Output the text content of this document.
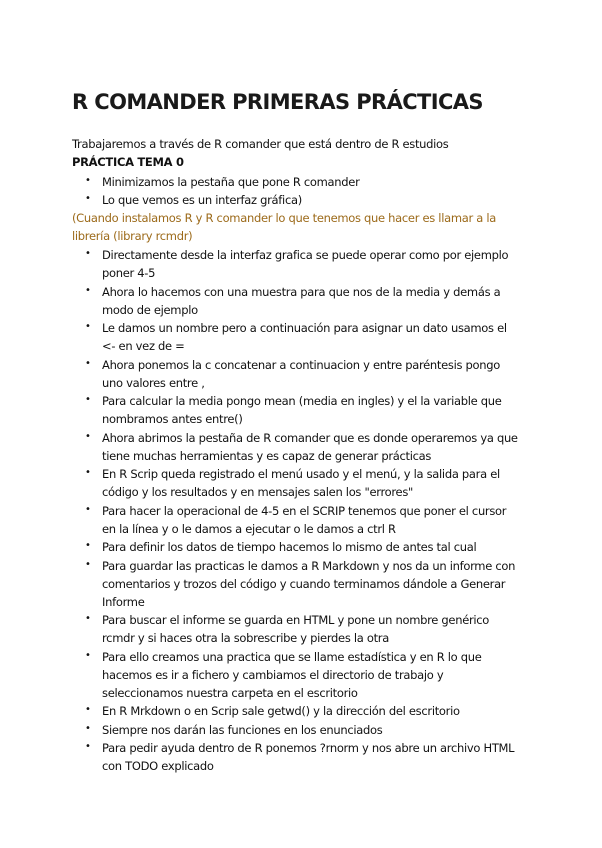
R COMANDER PRIMERAS PRÁCTICAS
Trabajaremos a través de R comander que está dentro de R estudios
PRÁCTICA TEMA 0
• Minimizamos la pestaña que pone R comander
• Lo que vemos es un interfaz gráfica)
(Cuando instalamos R y R comander lo que tenemos que hacer es llamar a la librería (library rcmdr)
• Directamente desde la interfaz grafica se puede operar como por ejemplo poner 4-5
• Ahora lo hacemos con una muestra para que nos de la media y demás a modo de ejemplo
• Le damos un nombre pero a continuación para asignar un dato usamos el <- en vez de =
• Ahora ponemos la c concatenar a continuacion y entre paréntesis pongo uno valores entre ,
• Para calcular la media pongo mean (media en ingles) y el la variable que nombramos antes entre()
• Ahora abrimos la pestaña de R comander que es donde operaremos ya que tiene muchas herramientas y es capaz de generar prácticas
• En R Scrip queda registrado el menú usado y el menú, y la salida para el código y los resultados y en mensajes salen los "errores"
• Para hacer la operacional de 4-5 en el SCRIP tenemos que poner el cursor en la línea y o le damos a ejecutar o le damos a ctrl R
• Para definir los datos de tiempo hacemos lo mismo de antes tal cual
• Para guardar las practicas le damos a R Markdown y nos da un informe con comentarios y trozos del código y cuando terminamos dándole a Generar Informe
• Para buscar el informe se guarda en HTML y pone un nombre genérico rcmdr y si haces otra la sobrescribe y pierdes la otra
• Para ello creamos una practica que se llame estadística y en R lo que hacemos es ir a fichero y cambiamos el directorio de trabajo y seleccionamos nuestra carpeta en el escritorio
• En R Mrkdown o en Scrip sale getwd() y la dirección del escritorio
• Siempre nos darán las funciones en los enunciados
• Para pedir ayuda dentro de R ponemos ?rnorm y nos abre un archivo HTML con TODO explicado
